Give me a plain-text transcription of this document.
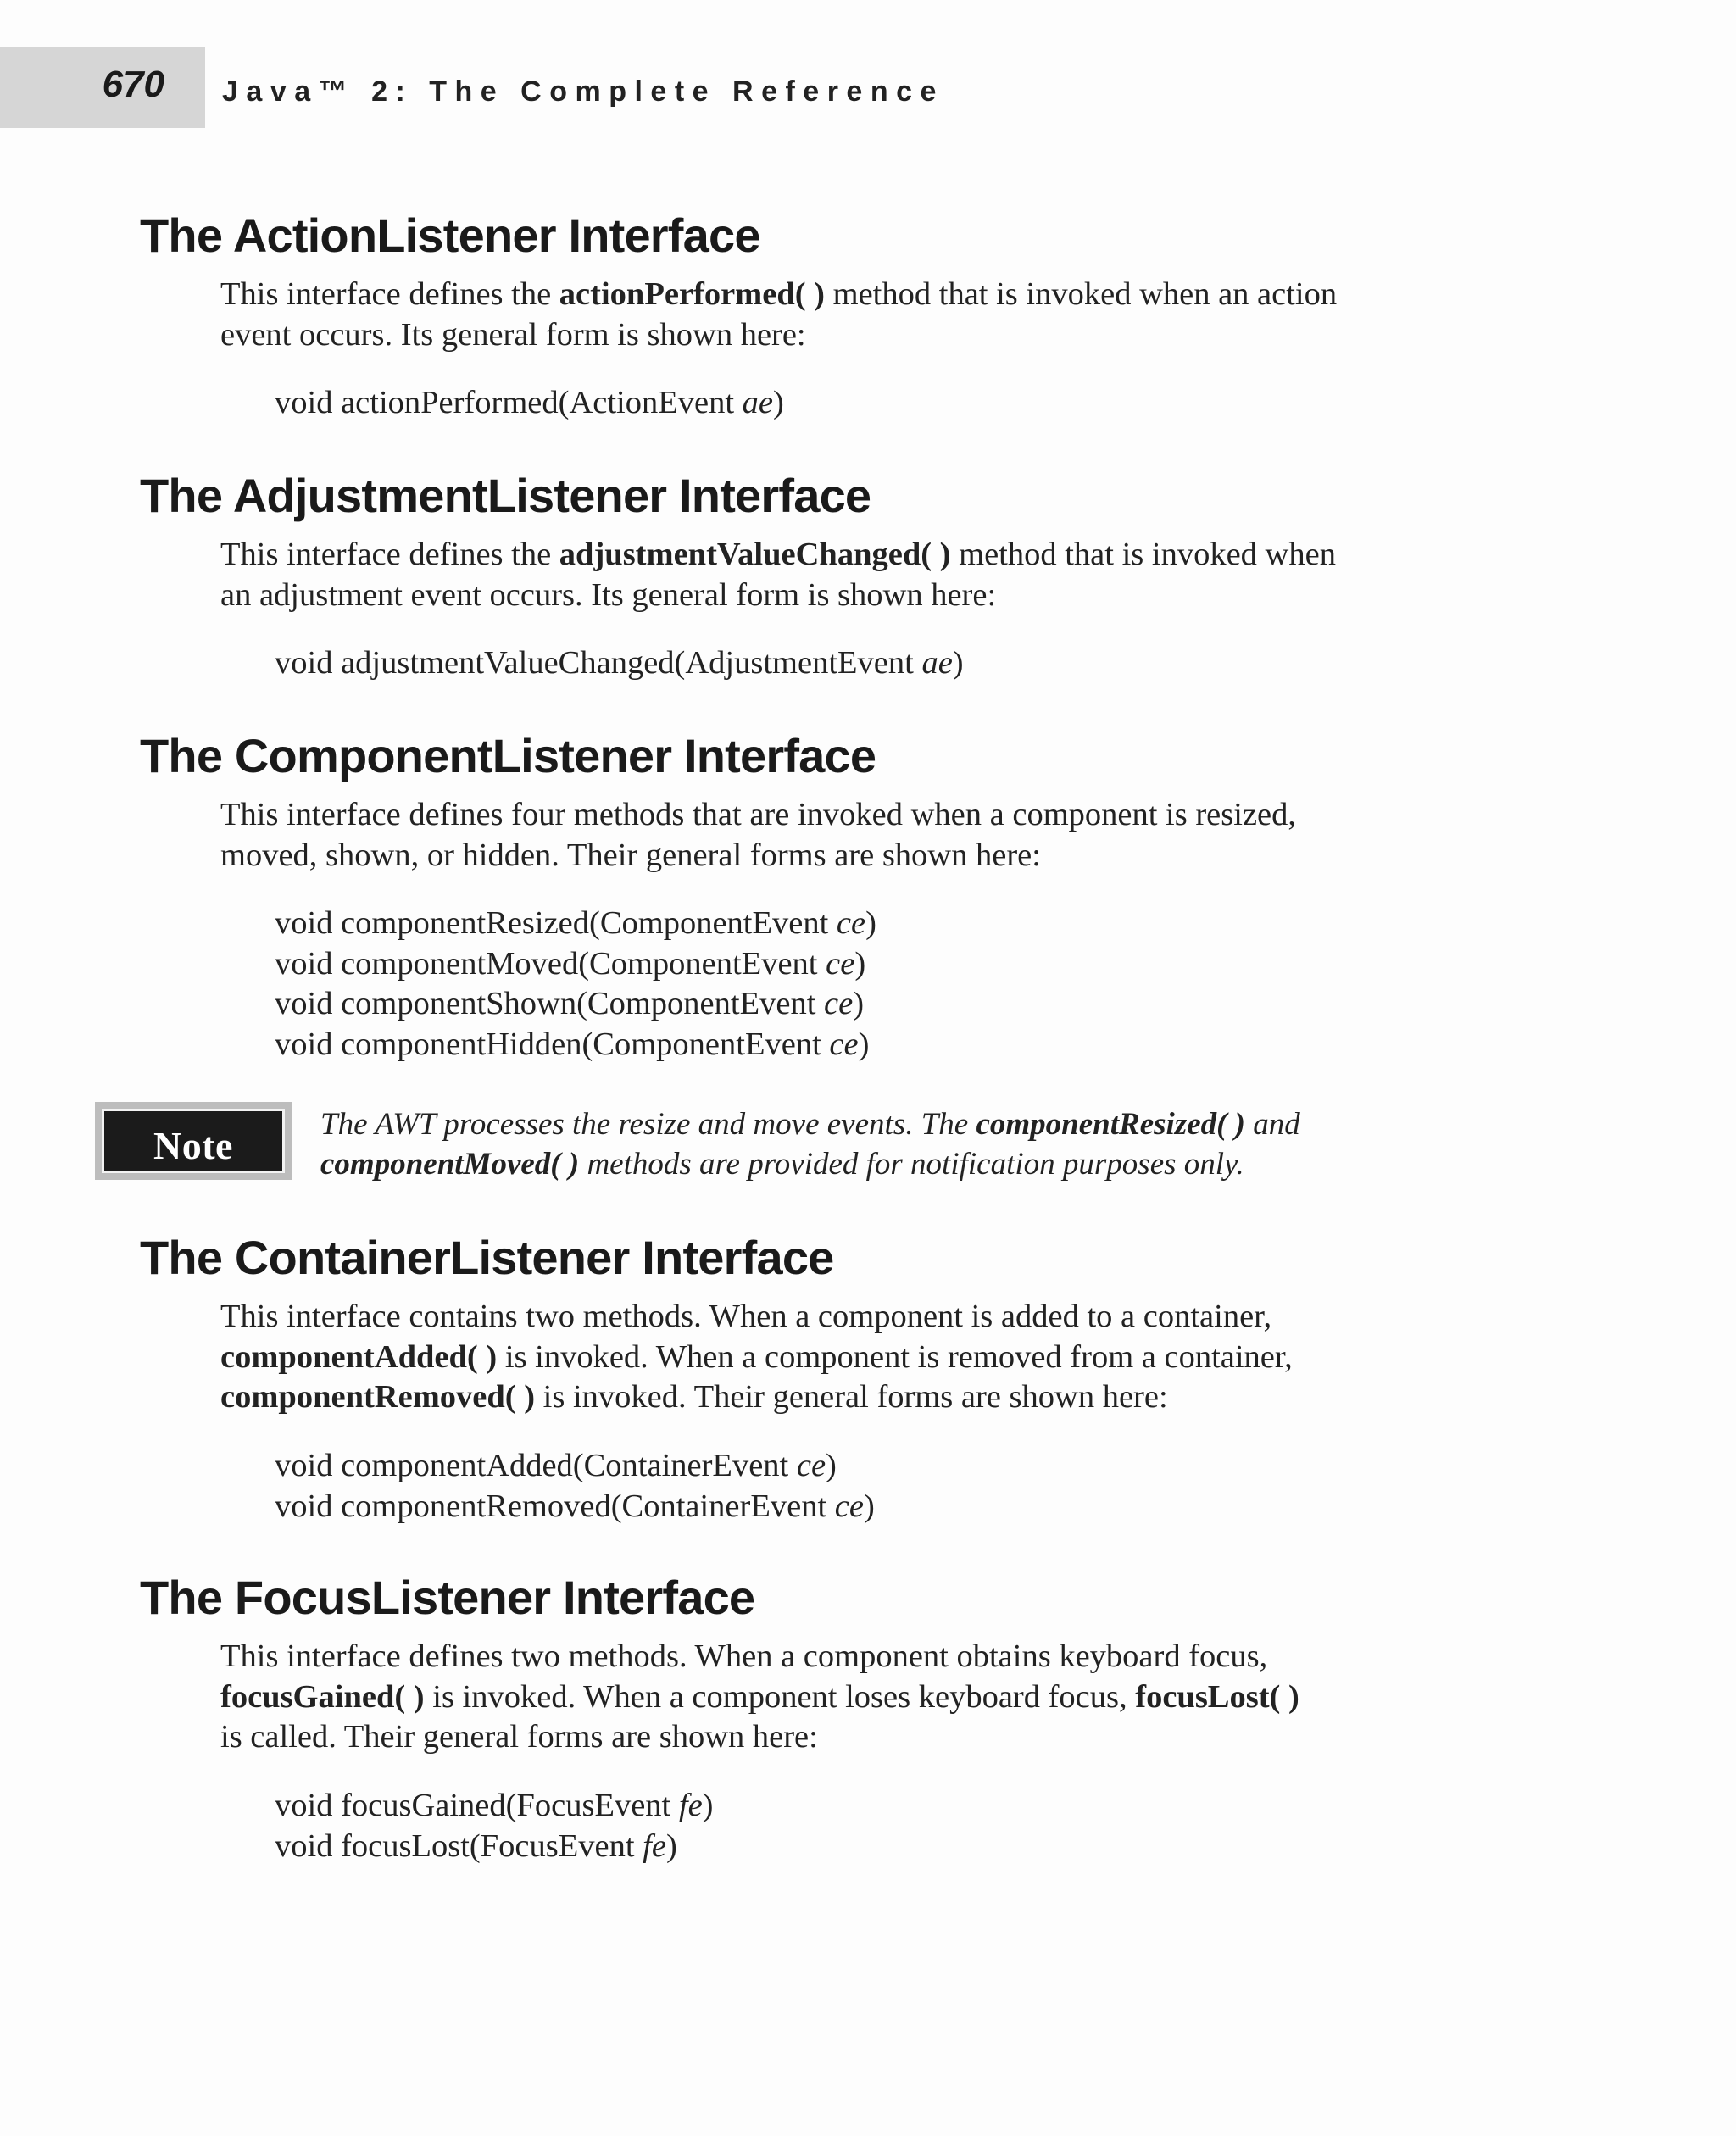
670 Java™ 2: The Complete Reference
The ActionListener Interface

This interface defines the actionPerformed( ) method that is invoked when an action
event occurs. Its general form is shown here:

void actionPerformed(ActionEvent ae)
The AdjustmentListener Interface

This interface defines the adjustmentValueChanged( ) method that is invoked when
an adjustment event occurs. Its general form is shown here:

void adjustmentValueChanged(AdjustmentEvent ae)
The ComponentListener Interface

This interface defines four methods that are invoked when a component is resized,
moved, shown, or hidden. Their general forms are shown here:

void componentResized(ComponentEvent ce)
void componentMoved(ComponentEvent ce)
void componentShown(ComponentEvent ce)
void componentHidden(ComponentEvent ce)
Note	The AWT processes the resize and move events. The componentResized( ) and
componentMoved( ) methods are provided for notification purposes only.

The ContainerListener Interface

This interface contains two methods. When a component is added to a container,
componentAdded( ) is invoked. When a component is removed from a container,
componentRemoved( ) is invoked. Their general forms are shown here:

void componentAdded(ContainerEvent ce)
void componentRemoved(ContainerEvent ce)
The FocusListener Interface

This interface defines two methods. When a component obtains keyboard focus,
focusGained( ) is invoked. When a component loses keyboard focus, focusLost( )
is called. Their general forms are shown here:

void focusGained(FocusEvent fe)
void focusLost(FocusEvent fe)
